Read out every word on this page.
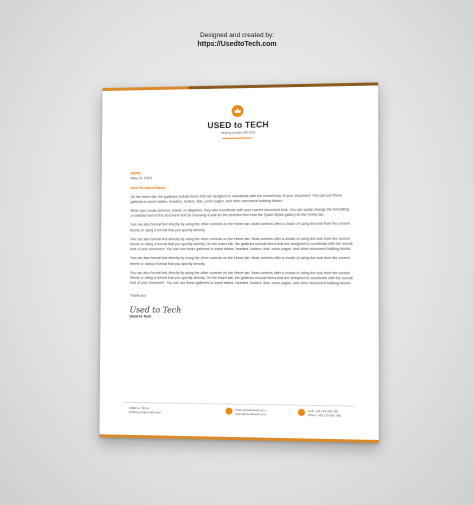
Designed and created by:
https://UsedtoTech.com
USED to TECH
Helping people with tech
DATE:
May 13, 2019
Dear Recipient Name,

On the Insert tab, the galleries include items that are designed to coordinate with the overall look of your document. You can use these galleries to insert tables, headers, footers, lists, cover pages, and other document building blocks.

When you create pictures, charts, or diagrams, they also coordinate with your current document look. You can easily change the formatting of selected text in the document text by choosing a look for the selected text from the Quick Styles gallery on the Home tab.

You can also format text directly by using the other controls on the Home tab. Most controls offer a choice of using the look from the current theme or using a format that you specify directly.

You can also format text directly by using the other controls on the Home tab. Most controls offer a choice of using the look from the current theme or using a format that you specify directly. On the Insert tab, the galleries include items that are designed to coordinate with the overall look of your document. You can use these galleries to insert tables, headers, footers, lists, cover pages, and other document building blocks.

You can also format text directly by using the other controls on the Home tab. Most controls offer a choice of using the look from the current theme or using a format that you specify directly.

You can also format text directly by using the other controls on the Home tab. Most controls offer a choice of using the look from the current theme or using a format that you specify directly. On the Insert tab, the galleries include items that are designed to coordinate with the overall look of your document. You can use these galleries to insert tables, headers, footers, lists, cover pages, and other document building blocks.

Thank you
Used to Tech
Used to Tech
USED to TECH
Helping people with tech
https://usedtotech.com
team@usedtotech.com
Cell: +00 123 456 789
Office: +00 123 456 789
